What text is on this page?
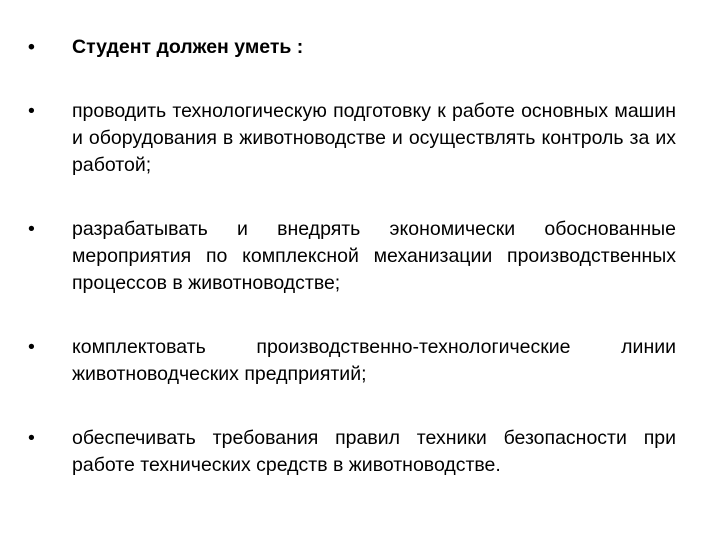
•	Студент должен уметь :
•	проводить технологическую подготовку к работе основных машин и оборудования в животноводстве и осуществлять контроль за их работой;
•	разрабатывать и внедрять экономически обоснованные мероприятия по комплексной механизации производственных процессов в животноводстве;
•	комплектовать производственно-технологические линии животноводческих предприятий;
•	обеспечивать требования правил техники безопасности при работе технических средств в животноводстве.
